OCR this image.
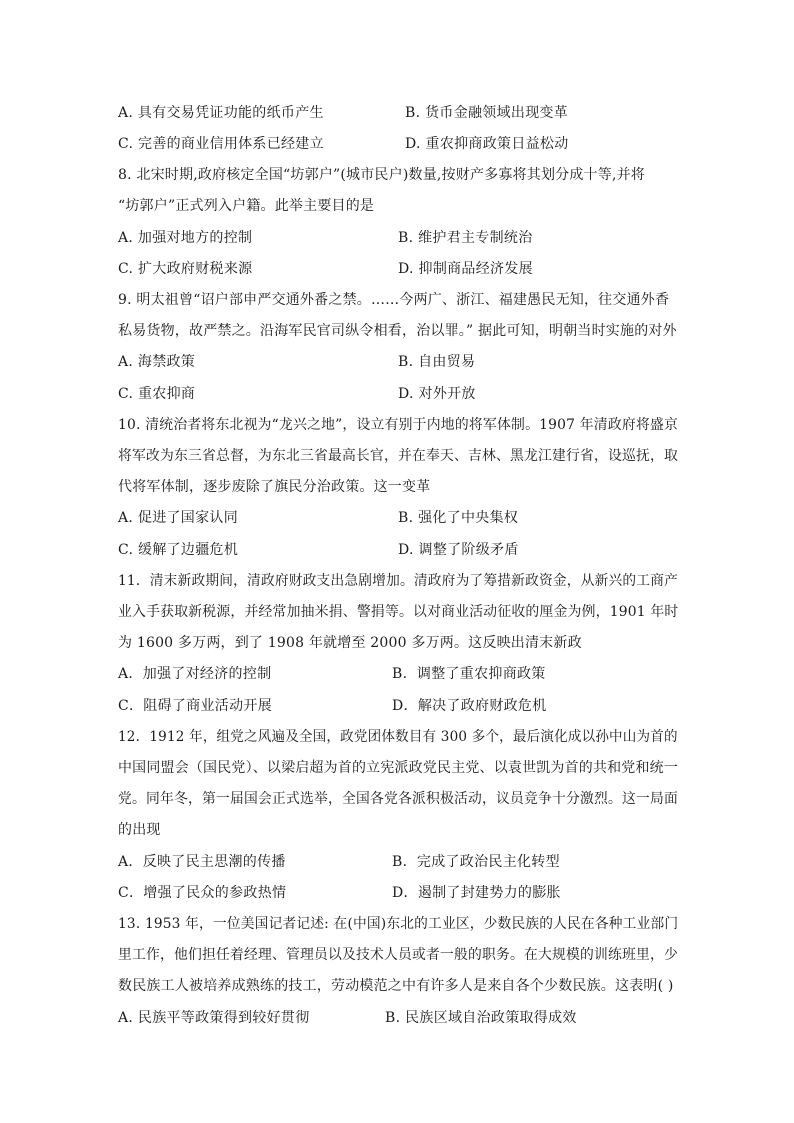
A. 具有交易凭证功能的纸币产生	B. 货币金融领域出现变革
C. 完善的商业信用体系已经建立	D. 重农抑商政策日益松动
8. 北宋时期,政府核定全国“坊郭户”(城市民户)数量,按财产多寡将其划分成十等,并将
“坊郭户”正式列入户籍。此举主要目的是
A. 加强对地方的控制	B. 维护君主专制统治
C. 扩大政府财税来源	D. 抑制商品经济发展
9. 明太祖曾“诏户部申严交通外番之禁。……今两广、浙江、福建愚民无知，往交通外香
私易货物，故严禁之。沿海军民官司纵令相看，治以罪。” 据此可知，明朝当时实施的对外
A. 海禁政策	B. 自由贸易
C. 重农抑商	D. 对外开放
10. 清统治者将东北视为“龙兴之地”，设立有别于内地的将军体制。1907 年清政府将盛京
将军改为东三省总督，为东北三省最高长官，并在奉天、吉林、黑龙江建行省，设巡抚，取
代将军体制，逐步废除了旗民分治政策。这一变革
A. 促进了国家认同	B. 强化了中央集权
C. 缓解了边疆危机	D. 调整了阶级矛盾
11．清末新政期间，清政府财政支出急剧增加。清政府为了筹措新政资金，从新兴的工商产
业入手获取新税源，并经常加抽米捐、警捐等。以对商业活动征收的厘金为例，1901 年时
为 1600 多万两，到了 1908 年就增至 2000 多万两。这反映出清末新政
A．加强了对经济的控制	B．调整了重农抑商政策
C．阻碍了商业活动开展	D．解决了政府财政危机
12．1912 年，组党之风遍及全国，政党团体数目有 300 多个，最后演化成以孙中山为首的
中国同盟会（国民党）、以梁启超为首的立宪派政党民主党、以袁世凯为首的共和党和统一
党。同年冬，第一届国会正式选举，全国各党各派积极活动，议员竞争十分激烈。这一局面
的出现
A．反映了民主思潮的传播	B．完成了政治民主化转型
C．增强了民众的参政热情	D．遏制了封建势力的膨胀
13. 1953 年，一位美国记者记述: 在(中国)东北的工业区，少数民族的人民在各种工业部门
里工作，他们担任着经理、管理员以及技术人员或者一般的职务。在大规模的训练班里，少
数民族工人被培养成熟练的技工，劳动模范之中有许多人是来自各个少数民族。这表明( )
A. 民族平等政策得到较好贯彻	B. 民族区域自治政策取得成效
